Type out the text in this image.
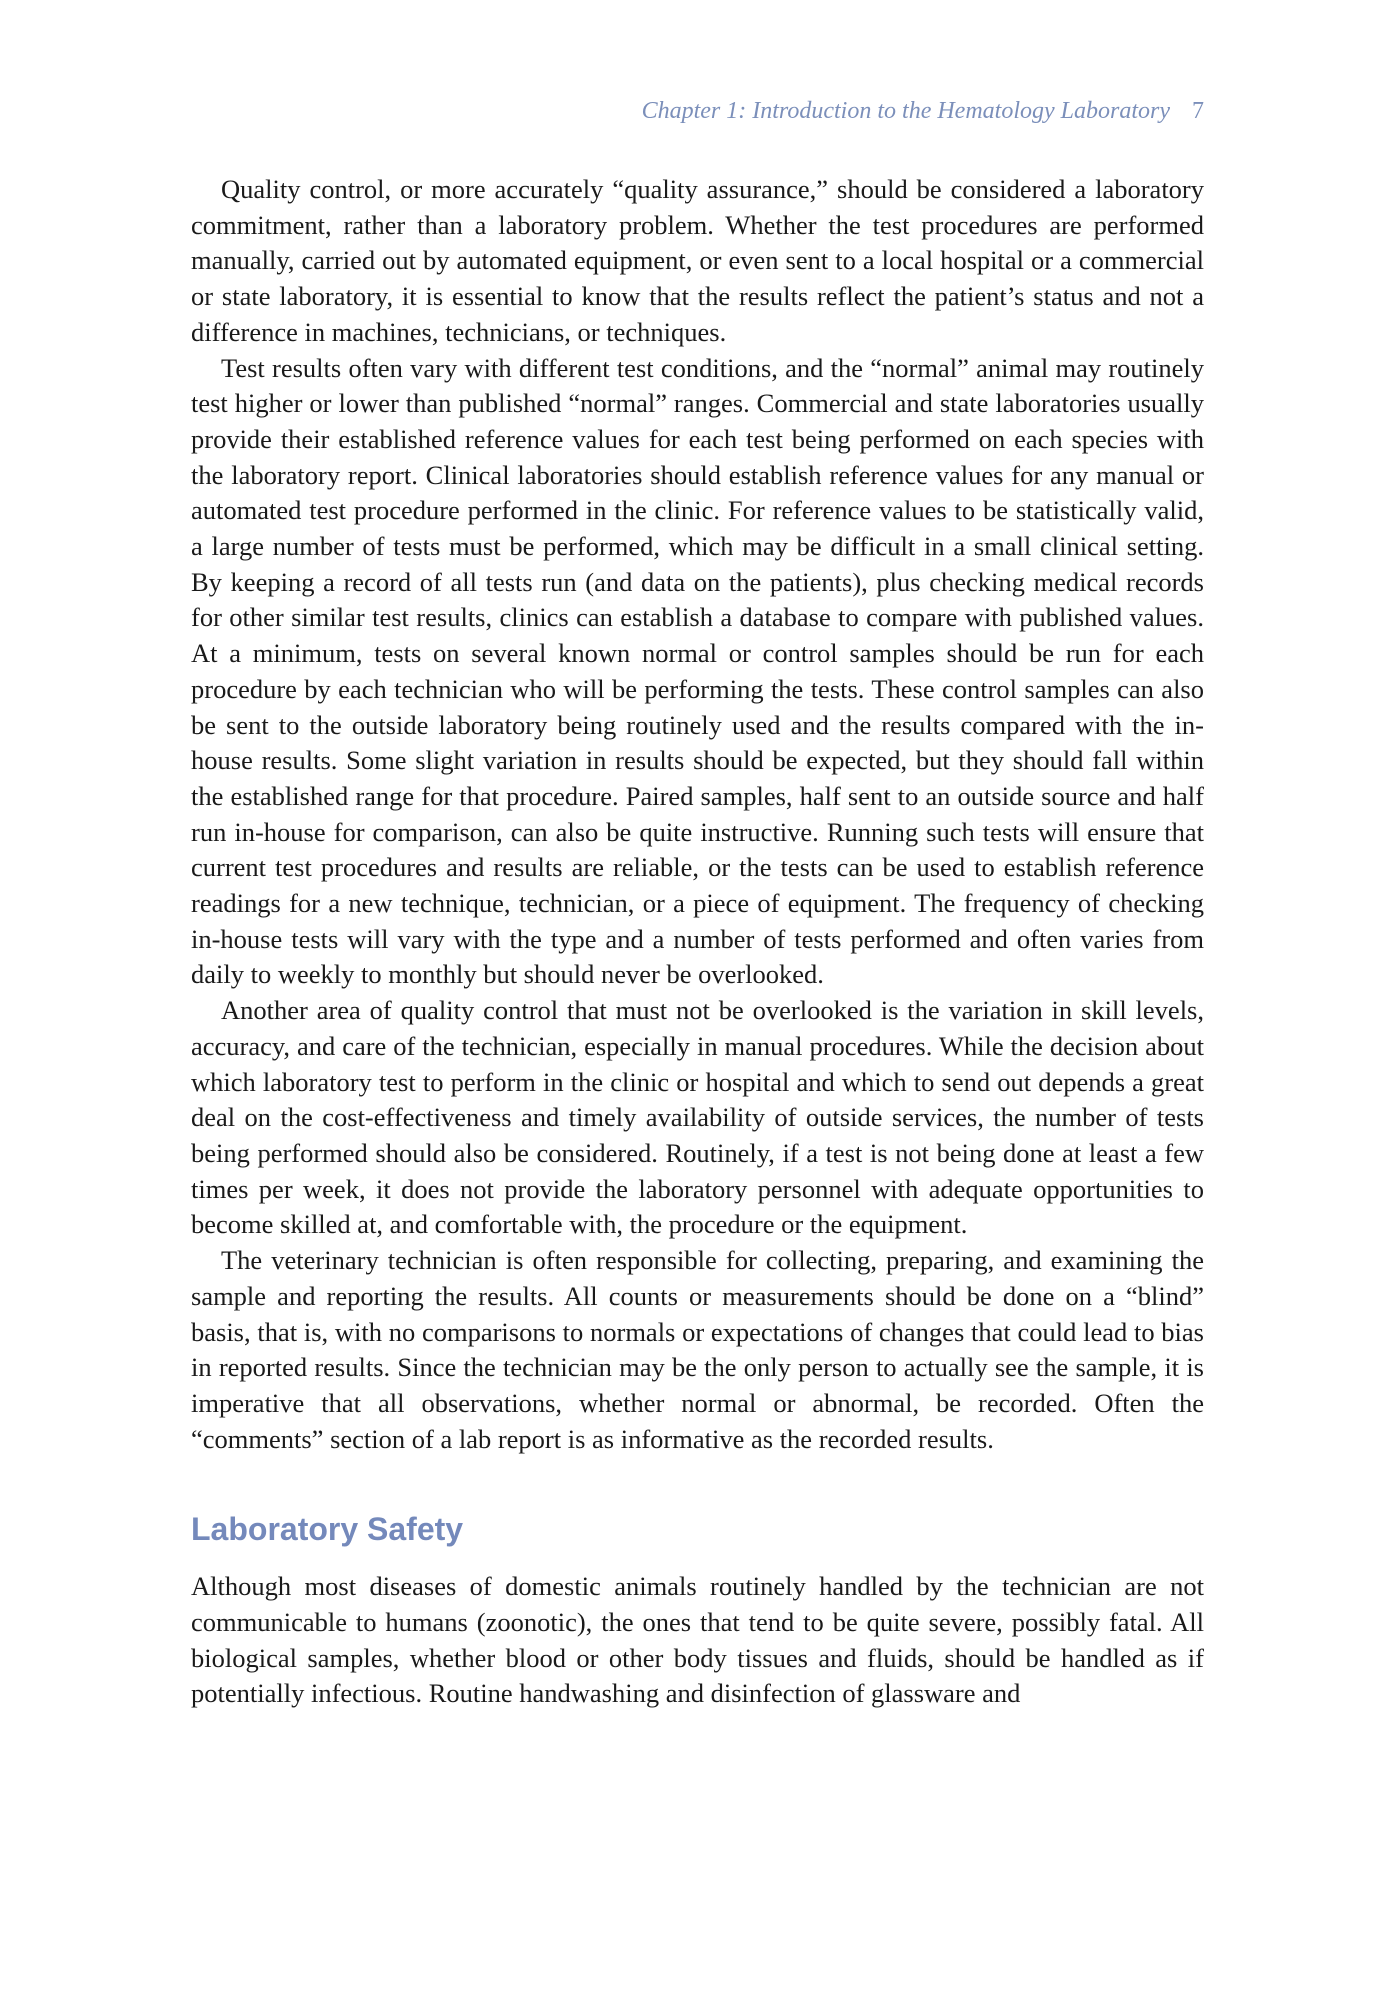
Chapter 1: Introduction to the Hematology Laboratory 7

Quality control, or more accurately “quality assurance,” should be considered a laboratory commitment, rather than a laboratory problem. Whether the test procedures are performed manually, carried out by automated equipment, or even sent to a local hospital or a commercial or state laboratory, it is essential to know that the results reflect the patient’s status and not a difference in machines, technicians, or techniques.

Test results often vary with different test conditions, and the “normal” animal may routinely test higher or lower than published “normal” ranges. Commercial and state laboratories usually provide their established reference values for each test being performed on each species with the laboratory report. Clinical laboratories should establish reference values for any manual or automated test procedure performed in the clinic. For reference values to be statistically valid, a large number of tests must be performed, which may be difficult in a small clinical setting. By keeping a record of all tests run (and data on the patients), plus checking medical records for other similar test results, clinics can establish a database to compare with published values. At a minimum, tests on several known normal or control samples should be run for each procedure by each technician who will be performing the tests. These control samples can also be sent to the outside laboratory being routinely used and the results compared with the in-house results. Some slight variation in results should be expected, but they should fall within the established range for that procedure. Paired samples, half sent to an outside source and half run in-house for comparison, can also be quite instructive. Running such tests will ensure that current test procedures and results are reliable, or the tests can be used to establish reference readings for a new technique, technician, or a piece of equipment. The frequency of checking in-house tests will vary with the type and a number of tests performed and often varies from daily to weekly to monthly but should never be overlooked.

Another area of quality control that must not be overlooked is the variation in skill levels, accuracy, and care of the technician, especially in manual procedures. While the decision about which laboratory test to perform in the clinic or hospital and which to send out depends a great deal on the cost-effectiveness and timely availability of outside services, the number of tests being performed should also be considered. Routinely, if a test is not being done at least a few times per week, it does not provide the laboratory personnel with adequate opportunities to become skilled at, and comfortable with, the procedure or the equipment.

The veterinary technician is often responsible for collecting, preparing, and examining the sample and reporting the results. All counts or measurements should be done on a “blind” basis, that is, with no comparisons to normals or expectations of changes that could lead to bias in reported results. Since the technician may be the only person to actually see the sample, it is imperative that all observations, whether normal or abnormal, be recorded. Often the “comments” section of a lab report is as informative as the recorded results.

Laboratory Safety

Although most diseases of domestic animals routinely handled by the technician are not communicable to humans (zoonotic), the ones that tend to be quite severe, possibly fatal. All biological samples, whether blood or other body tissues and fluids, should be handled as if potentially infectious. Routine handwashing and disinfection of glassware and
